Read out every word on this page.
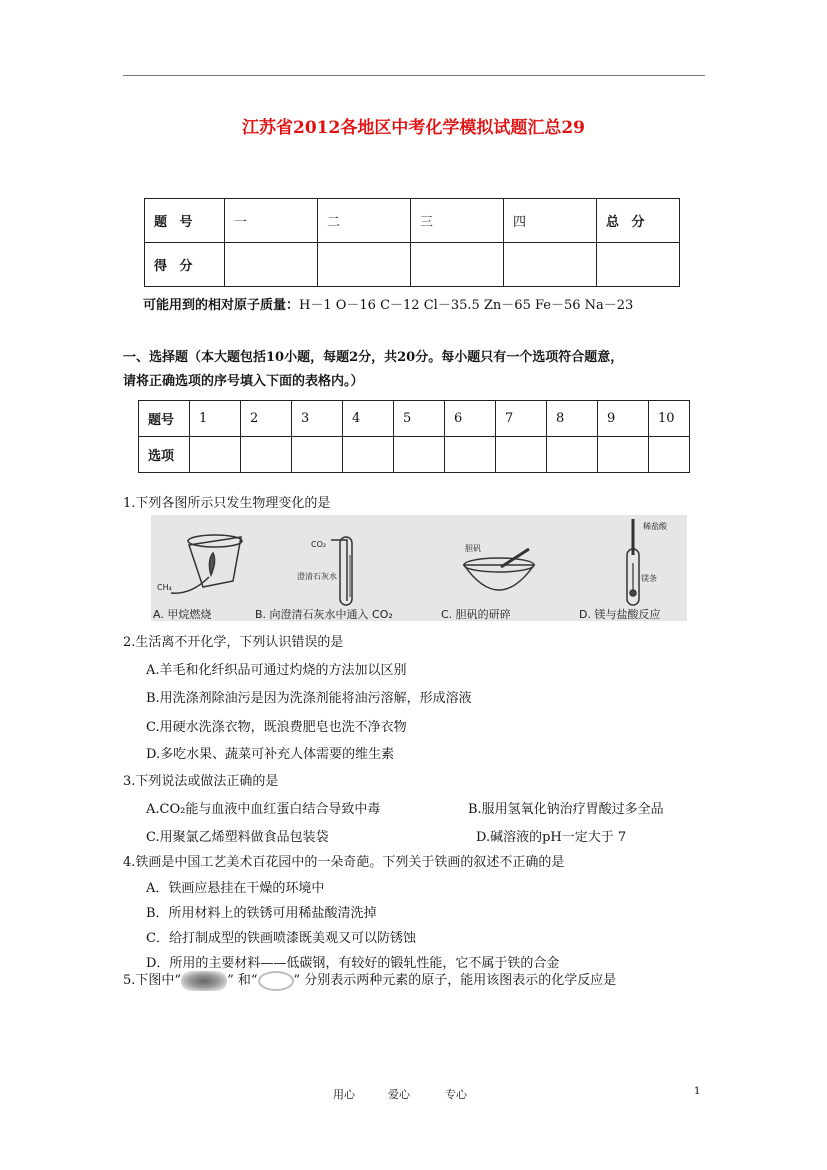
江苏省2012各地区中考化学模拟试题汇总29
题 号	一	二	三	四	总 分
得 分					
可能用到的相对原子质量：H－1 O－16 C－12 Cl－35.5 Zn－65 Fe－56 Na－23
一、选择题（本大题包括10小题，每题2分，共20分。每小题只有一个选项符合题意，
请将正确选项的序号填入下面的表格内。）
题号	1	2	3	4	5	6	7	8	9	10
选项										
1.下列各图所示只发生物理变化的是
CH₄
CO₂
澄清石灰水
胆矾
稀盐酸
镁条
A. 甲烷燃烧	B. 向澄清石灰水中通入 CO₂	C. 胆矾的研碎	D. 镁与盐酸反应
2.生活离不开化学，下列认识错误的是
A.羊毛和化纤织品可通过灼烧的方法加以区别
B.用洗涤剂除油污是因为洗涤剂能将油污溶解，形成溶液
C.用硬水洗涤衣物，既浪费肥皂也洗不净衣物
D.多吃水果、蔬菜可补充人体需要的维生素
3.下列说法或做法正确的是
A.CO₂能与血液中血红蛋白结合导致中毒	B.服用氢氧化钠治疗胃酸过多全品
C.用聚氯乙烯塑料做食品包装袋	D.碱溶液的pH一定大于 7
4.铁画是中国工艺美术百花园中的一朵奇葩。下列关于铁画的叙述不正确的是
A．铁画应悬挂在干燥的环境中
B．所用材料上的铁锈可用稀盐酸清洗掉
C．给打制成型的铁画喷漆既美观又可以防锈蚀
D．所用的主要材料——低碳钢，有较好的锻轧性能，它不属于铁的合金
5.下图中“	” 和“	” 分别表示两种元素的原子，能用该图表示的化学反应是
用心	爱心	专心	1
